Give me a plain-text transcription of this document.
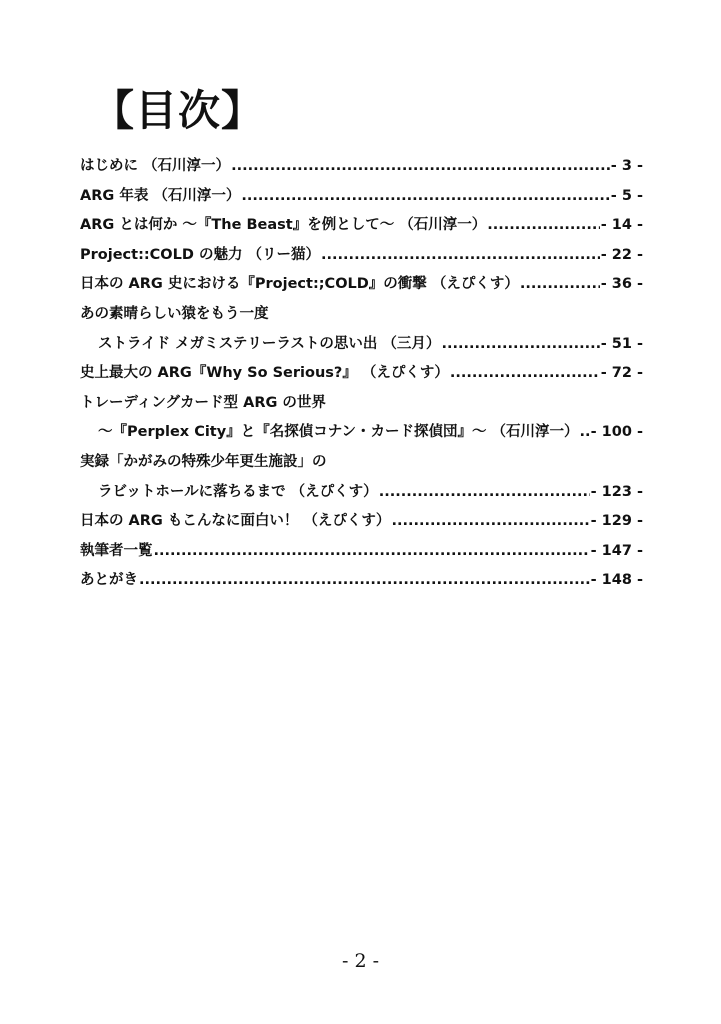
【目次】
はじめに （石川淳一） .....	- 3 -
ARG 年表 （石川淳一） .....	- 5 -
ARG とは何か ～『The Beast』を例として～ （石川淳一） .....	- 14 -
Project::COLD の魅力 （リー猫） .....	- 22 -
日本の ARG 史における『Project:;COLD』の衝撃 （えぴくす） .....	- 36 -
あの素晴らしい猿をもう一度
ストライド メガミステリーラストの思い出 （三月） .....	- 51 -
史上最大の ARG『Why So Serious?』 （えぴくす） .....	- 72 -
トレーディングカード型 ARG の世界
～『Perplex City』と『名探偵コナン・カード探偵団』～ （石川淳一） ..... - 100 -
実録「かがみの特殊少年更生施設」の
ラビットホールに落ちるまで （えぴくす） .....	- 123 -
日本の ARG もこんなに面白い！ （えぴくす） .....	- 129 -
執筆者一覧 .....	- 147 -
あとがき .....	- 148 -
- 2 -
